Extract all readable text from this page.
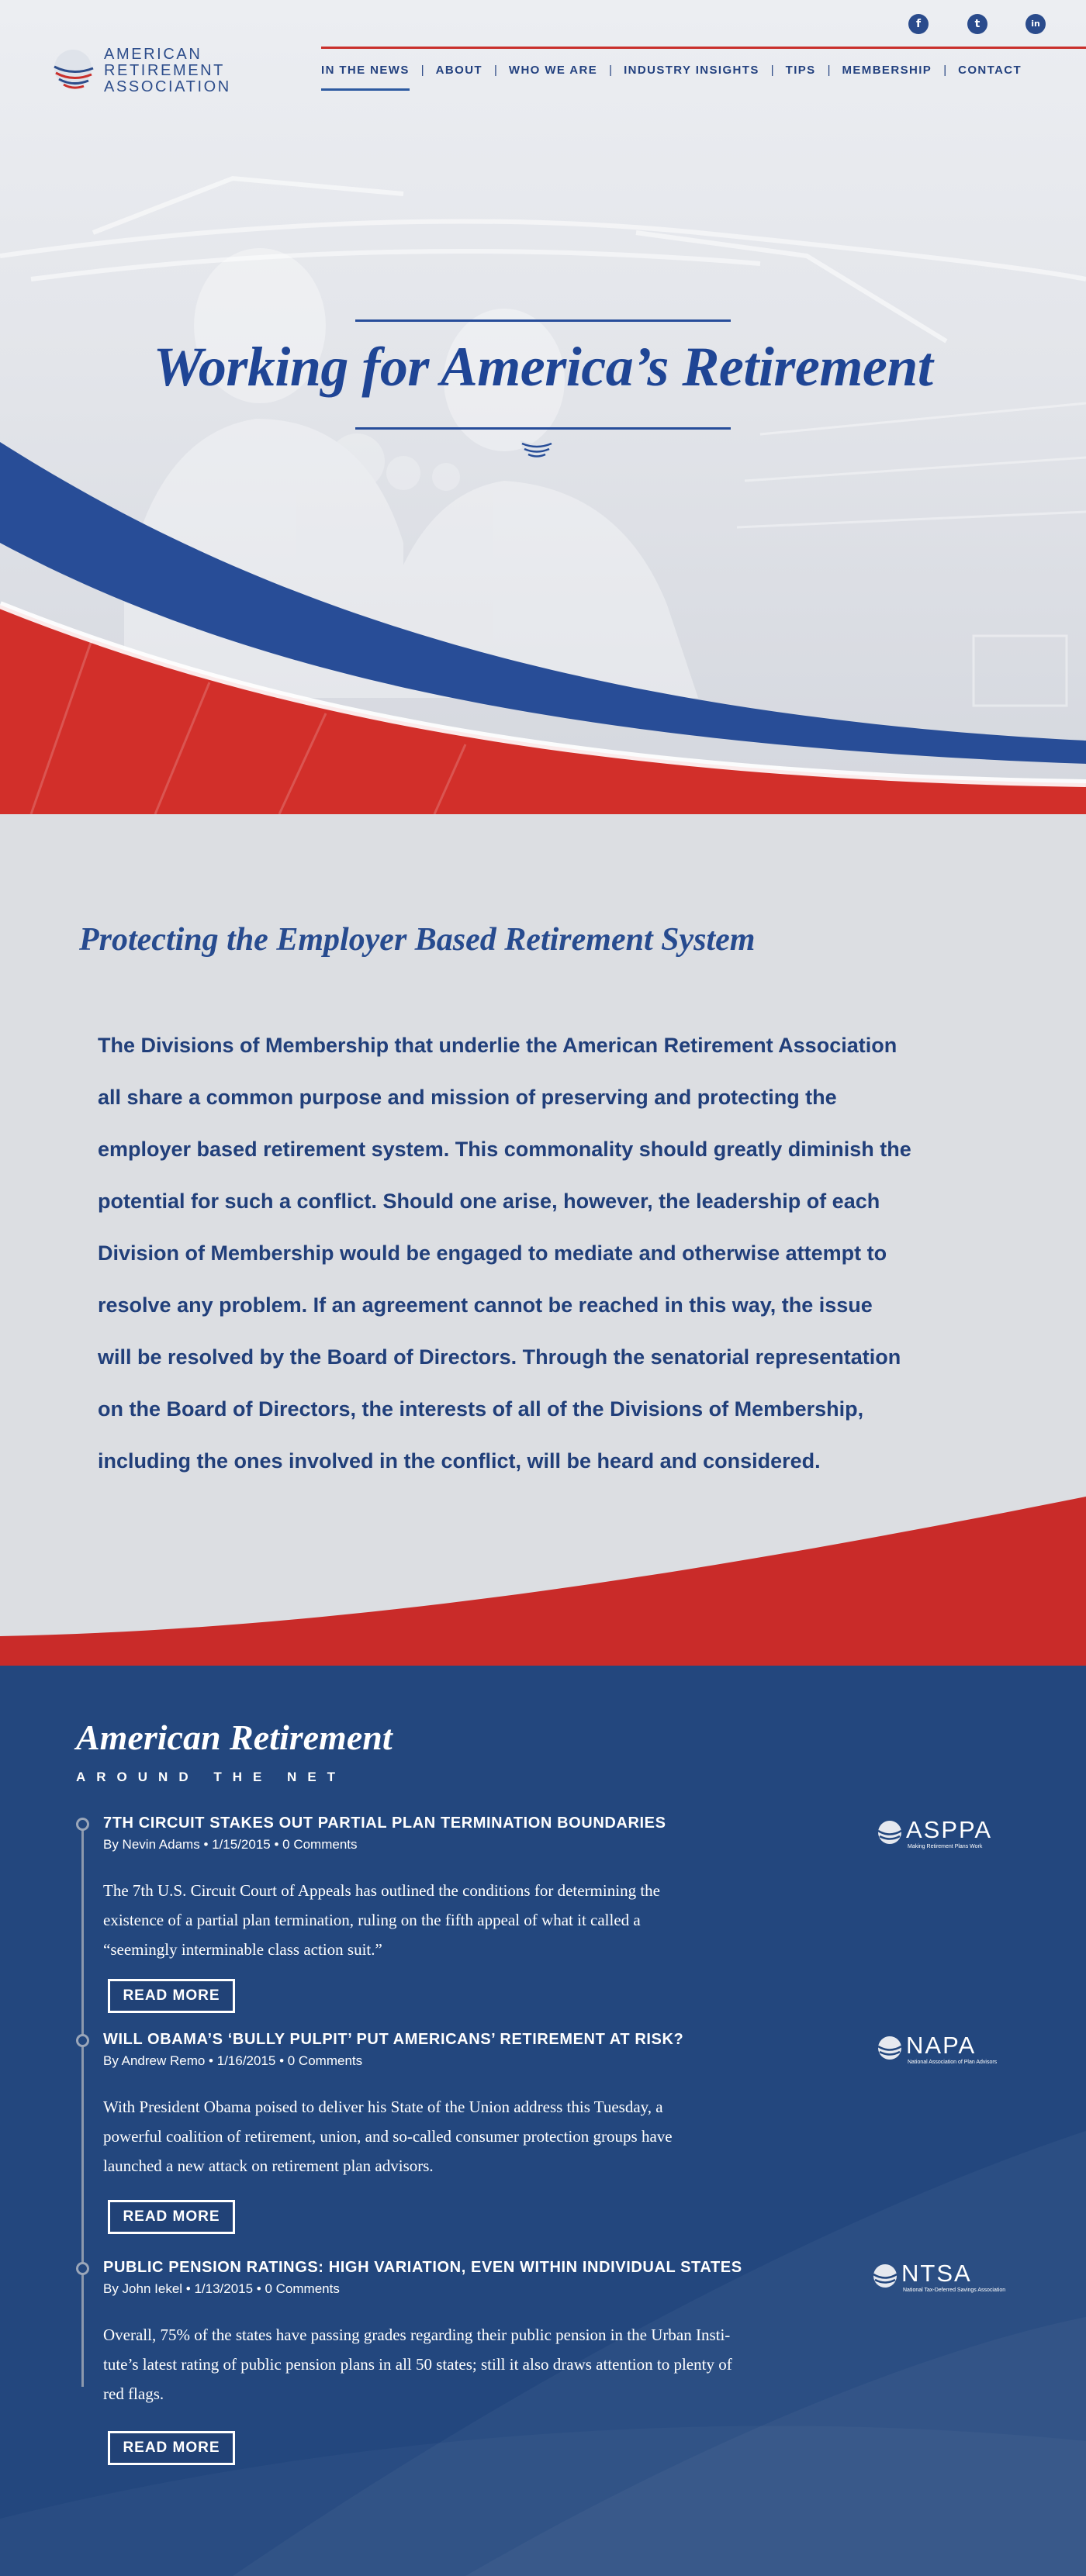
AMERICAN
RETIREMENT
ASSOCIATION
f	t	in
IN THE NEWS | ABOUT | WHO WE ARE | INDUSTRY INSIGHTS | TIPS | MEMBERSHIP | CONTACT
Working for America’s Retirement
Protecting the Employer Based Retirement System
The Divisions of Membership that underlie the American Retirement Association
all share a common purpose and mission of preserving and protecting the
employer based retirement system. This commonality should greatly diminish the
potential for such a conflict. Should one arise, however, the leadership of each
Division of Membership would be engaged to mediate and otherwise attempt to
resolve any problem. If an agreement cannot be reached in this way, the issue
will be resolved by the Board of Directors. Through the senatorial representation
on the Board of Directors, the interests of all of the Divisions of Membership,
including the ones involved in the conflict, will be heard and considered.
American Retirement
AROUND THE NET
7TH CIRCUIT STAKES OUT PARTIAL PLAN TERMINATION BOUNDARIES
By Nevin Adams • 1/15/2015 • 0 Comments
The 7th U.S. Circuit Court of Appeals has outlined the conditions for determining the
existence of a partial plan termination, ruling on the fifth appeal of what it called a
“seemingly interminable class action suit.”
READ MORE
ASPPA
Making Retirement Plans Work
WILL OBAMA’S ‘BULLY PULPIT’ PUT AMERICANS’ RETIREMENT AT RISK?
By Andrew Remo • 1/16/2015 • 0 Comments
With President Obama poised to deliver his State of the Union address this Tuesday, a
powerful coalition of retirement, union, and so-called consumer protection groups have
launched a new attack on retirement plan advisors.
READ MORE
NAPA
National Association of Plan Advisors
PUBLIC PENSION RATINGS: HIGH VARIATION, EVEN WITHIN INDIVIDUAL STATES
By John Iekel • 1/13/2015 • 0 Comments
Overall, 75% of the states have passing grades regarding their public pension in the Urban Insti-
tute’s latest rating of public pension plans in all 50 states; still it also draws attention to plenty of
red flags.
READ MORE
NTSA
National Tax-Deferred Savings Association
